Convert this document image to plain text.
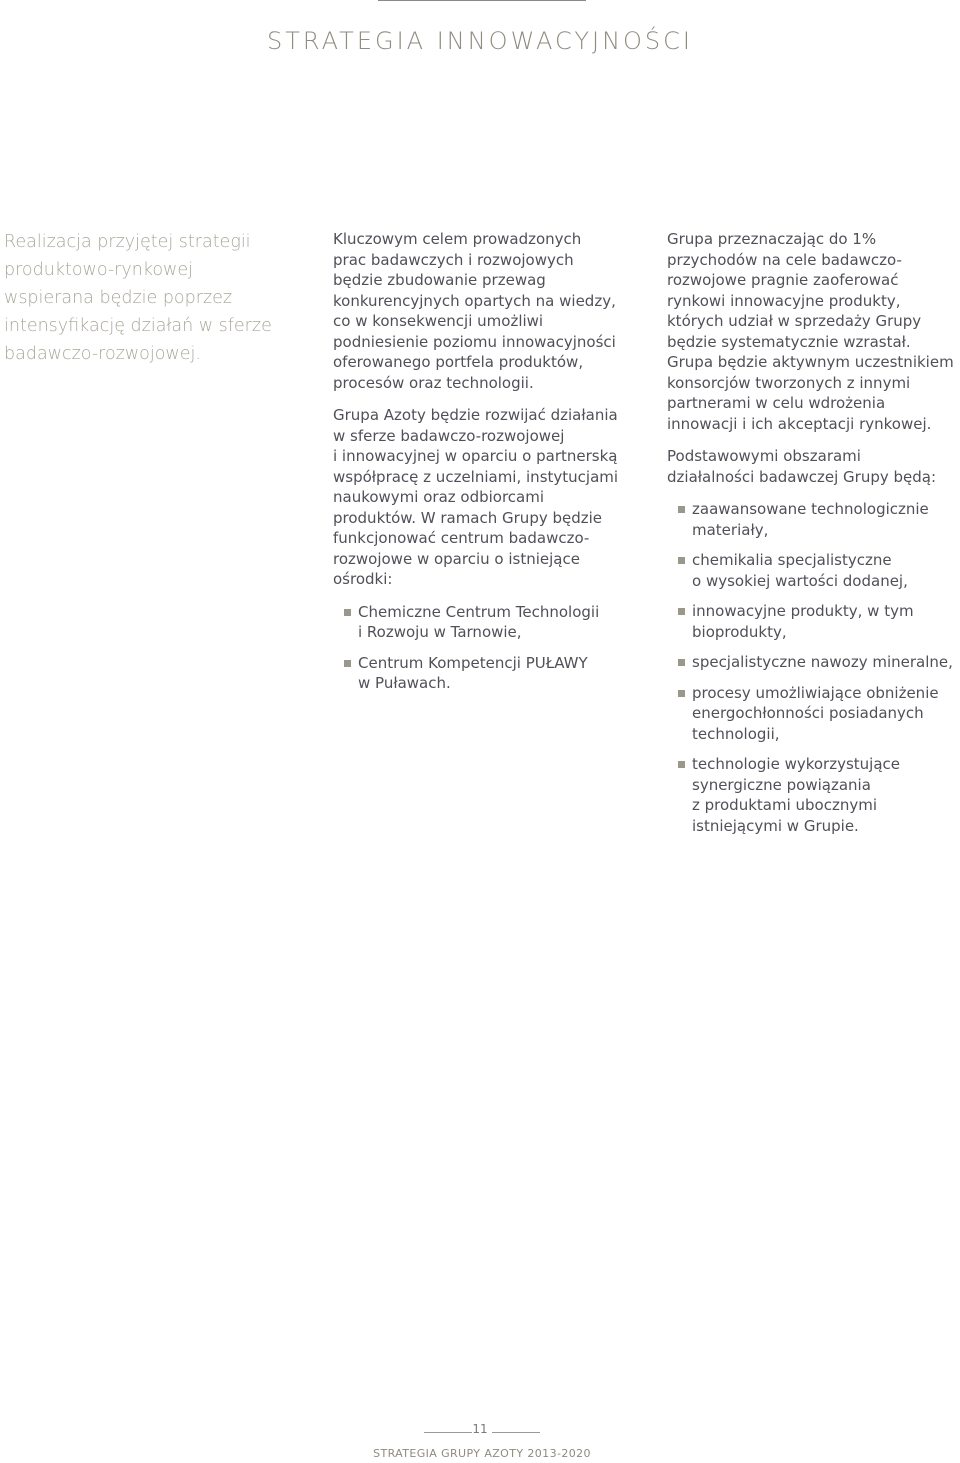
STRATEGIA INNOWACYJNOŚCI
Realizacja przyjętej strategii
produktowo-rynkowej
wspierana będzie poprzez
intensyfikację działań w sferze
badawczo-rozwojowej.

Kluczowym celem prowadzonych
prac badawczych i rozwojowych
będzie zbudowanie przewag
konkurencyjnych opartych na wiedzy,
co w konsekwencji umożliwi
podniesienie poziomu innowacyjności
oferowanego portfela produktów,
procesów oraz technologii.

Grupa Azoty będzie rozwijać działania
w sferze badawczo-rozwojowej
i innowacyjnej w oparciu o partnerską
współpracę z uczelniami, instytucjami
naukowymi oraz odbiorcami
produktów. W ramach Grupy będzie
funkcjonować centrum badawczo-
rozwojowe w oparciu o istniejące
ośrodki:

Chemiczne Centrum Technologii
i Rozwoju w Tarnowie,
Centrum Kompetencji PUŁAWY
w Puławach.

Grupa przeznaczając do 1%
przychodów na cele badawczo-
rozwojowe pragnie zaoferować
rynkowi innowacyjne produkty,
których udział w sprzedaży Grupy
będzie systematycznie wzrastał.
Grupa będzie aktywnym uczestnikiem
konsorcjów tworzonych z innymi
partnerami w celu wdrożenia
innowacji i ich akceptacji rynkowej.

Podstawowymi obszarami
działalności badawczej Grupy będą:

zaawansowane technologicznie
materiały,
chemikalia specjalistyczne
o wysokiej wartości dodanej,
innowacyjne produkty, w tym
bioprodukty,
specjalistyczne nawozy mineralne,
procesy umożliwiające obniżenie
energochłonności posiadanych
technologii,
technologie wykorzystujące
synergiczne powiązania
z produktami ubocznymi
istniejącymi w Grupie.
11
STRATEGIA GRUPY AZOTY 2013-2020
